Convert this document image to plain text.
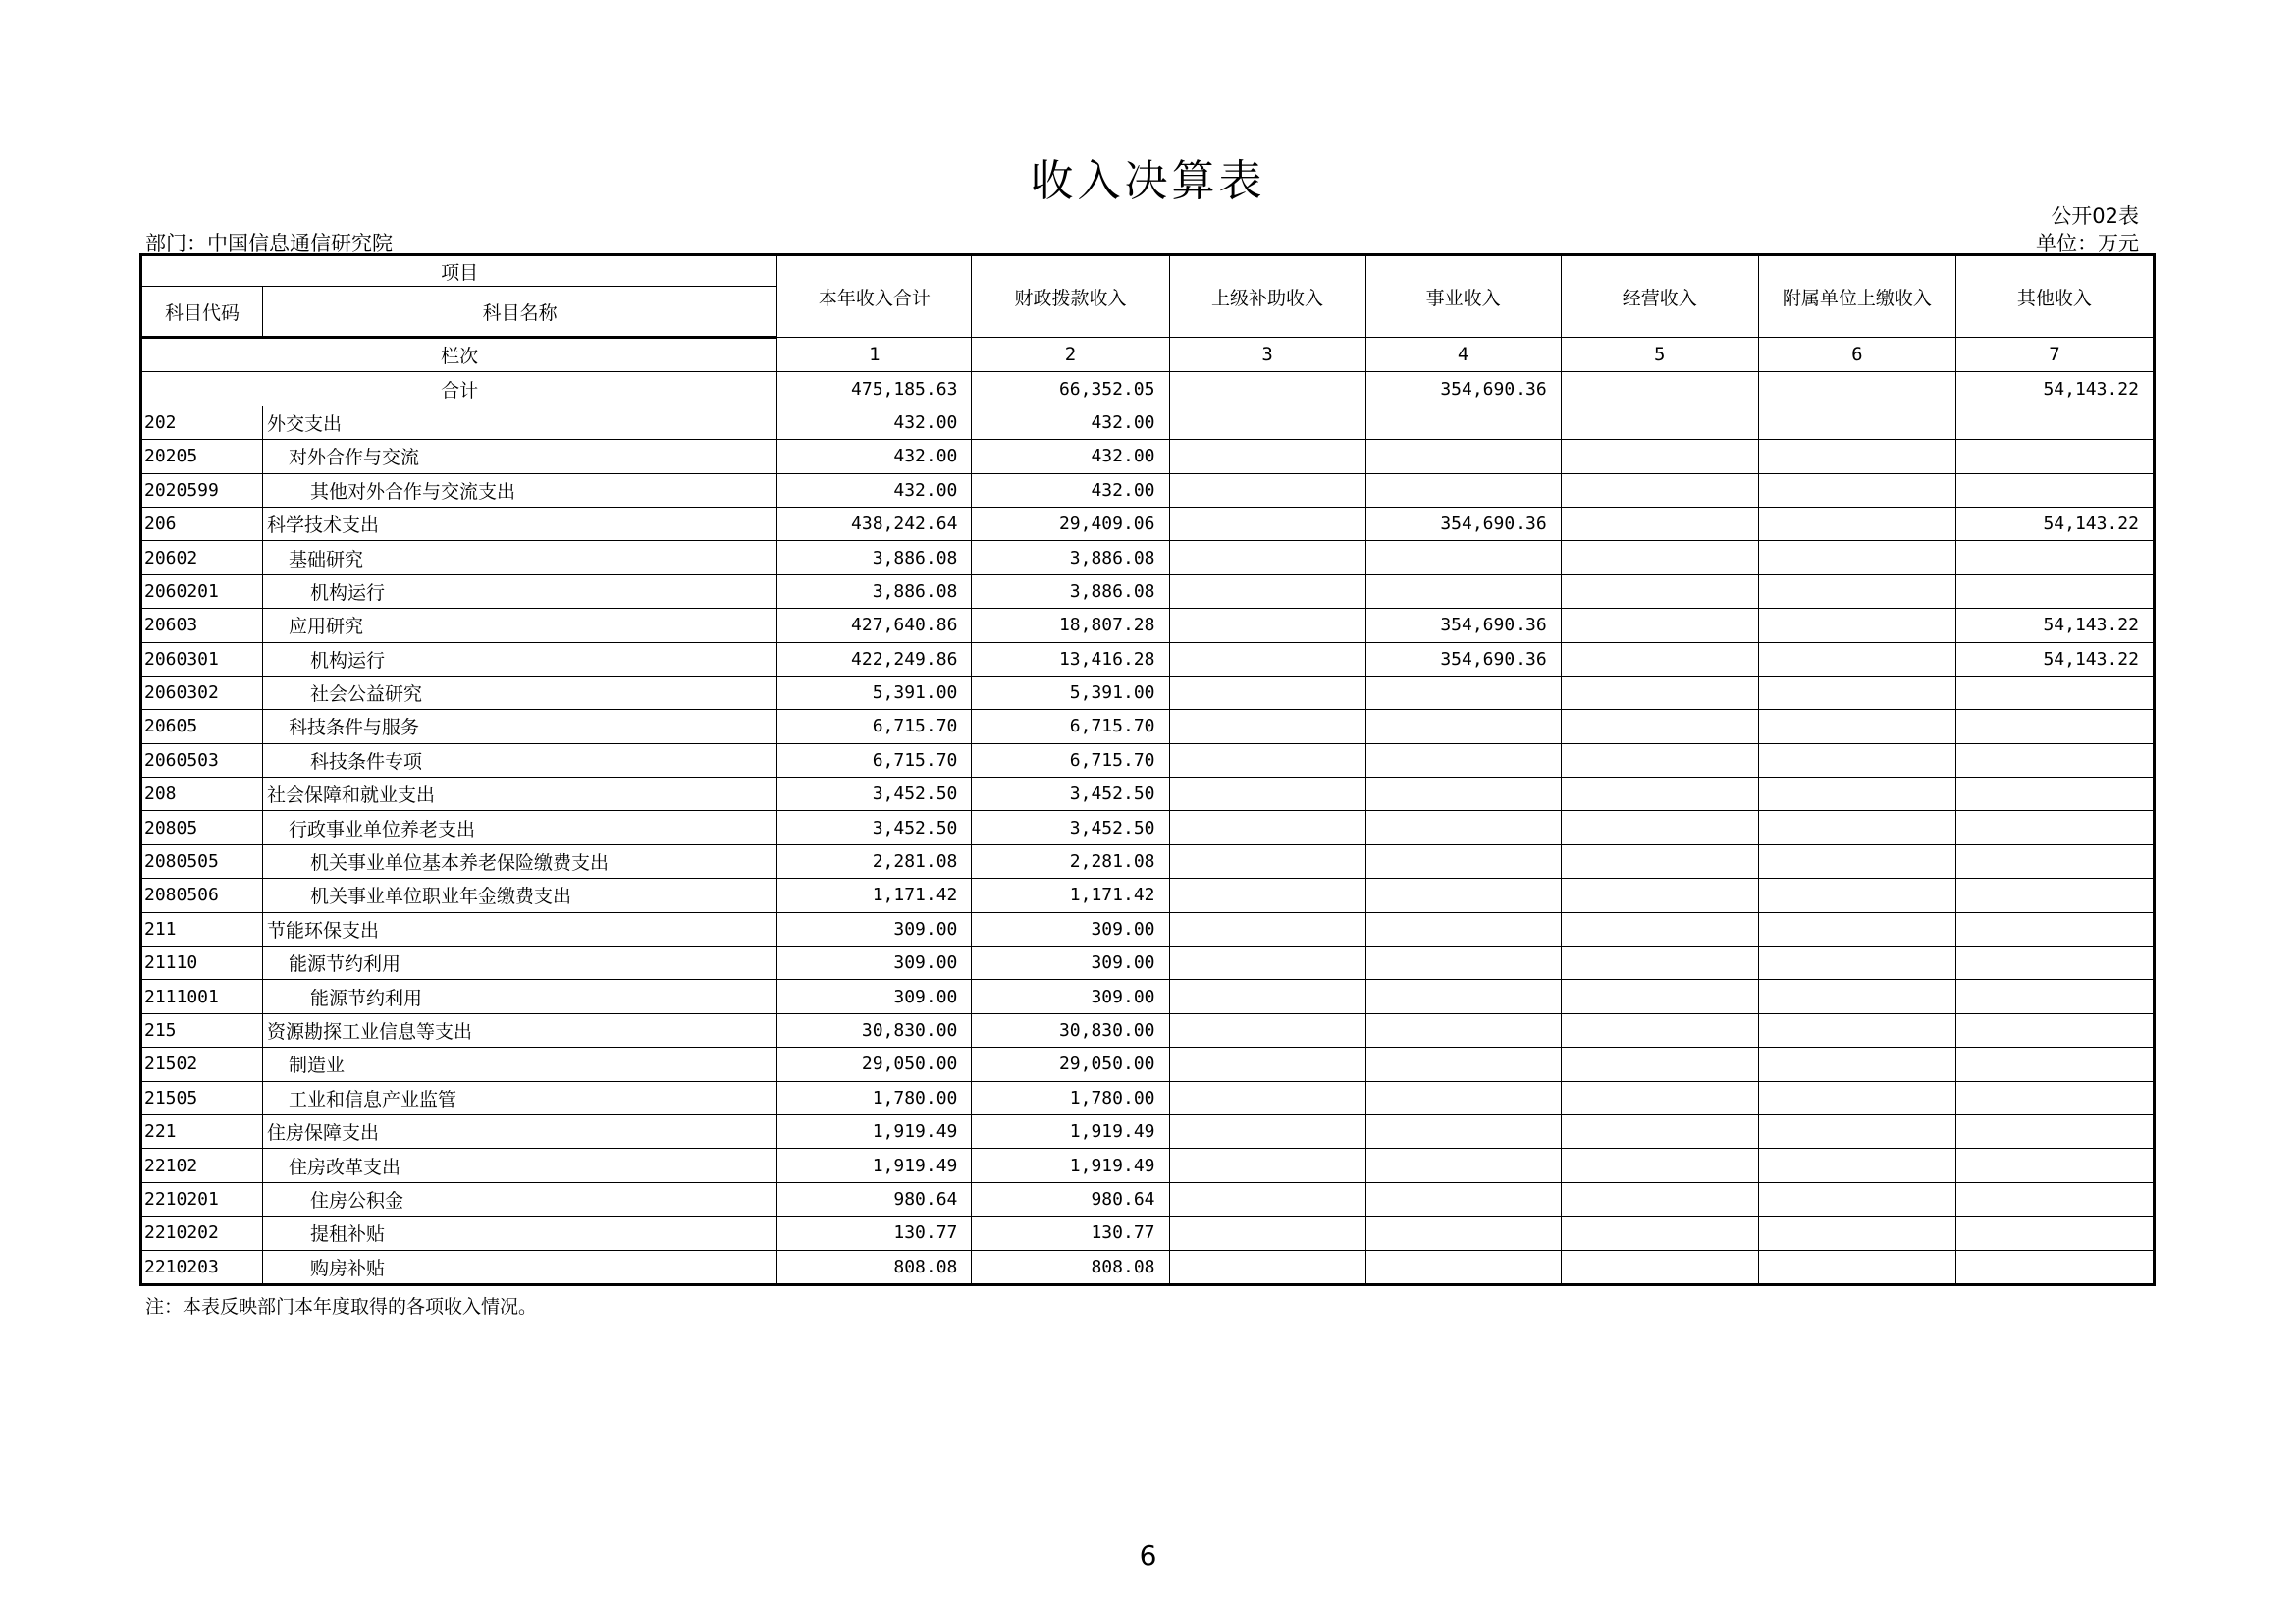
收入决算表
公开02表
部门：中国信息通信研究院	单位：万元
项目		本年收入合计	财政拨款收入	上级补助收入	事业收入	经营收入	附属单位上缴收入	其他收入
科目代码	科目名称							
栏次		1	2	3	4	5	6	7
合计		475,185.63	66,352.05		354,690.36			54,143.22
202	外交支出	432.00	432.00					
20205	对外合作与交流	432.00	432.00					
2020599	其他对外合作与交流支出	432.00	432.00					
206	科学技术支出	438,242.64	29,409.06		354,690.36			54,143.22
20602	基础研究	3,886.08	3,886.08					
2060201	机构运行	3,886.08	3,886.08					
20603	应用研究	427,640.86	18,807.28		354,690.36			54,143.22
2060301	机构运行	422,249.86	13,416.28		354,690.36			54,143.22
2060302	社会公益研究	5,391.00	5,391.00					
20605	科技条件与服务	6,715.70	6,715.70					
2060503	科技条件专项	6,715.70	6,715.70					
208	社会保障和就业支出	3,452.50	3,452.50					
20805	行政事业单位养老支出	3,452.50	3,452.50					
2080505	机关事业单位基本养老保险缴费支出	2,281.08	2,281.08					
2080506	机关事业单位职业年金缴费支出	1,171.42	1,171.42					
211	节能环保支出	309.00	309.00					
21110	能源节约利用	309.00	309.00					
2111001	能源节约利用	309.00	309.00					
215	资源勘探工业信息等支出	30,830.00	30,830.00					
21502	制造业	29,050.00	29,050.00					
21505	工业和信息产业监管	1,780.00	1,780.00					
221	住房保障支出	1,919.49	1,919.49					
22102	住房改革支出	1,919.49	1,919.49					
2210201	住房公积金	980.64	980.64					
2210202	提租补贴	130.77	130.77					
2210203	购房补贴	808.08	808.08					
注：本表反映部门本年度取得的各项收入情况。
6
